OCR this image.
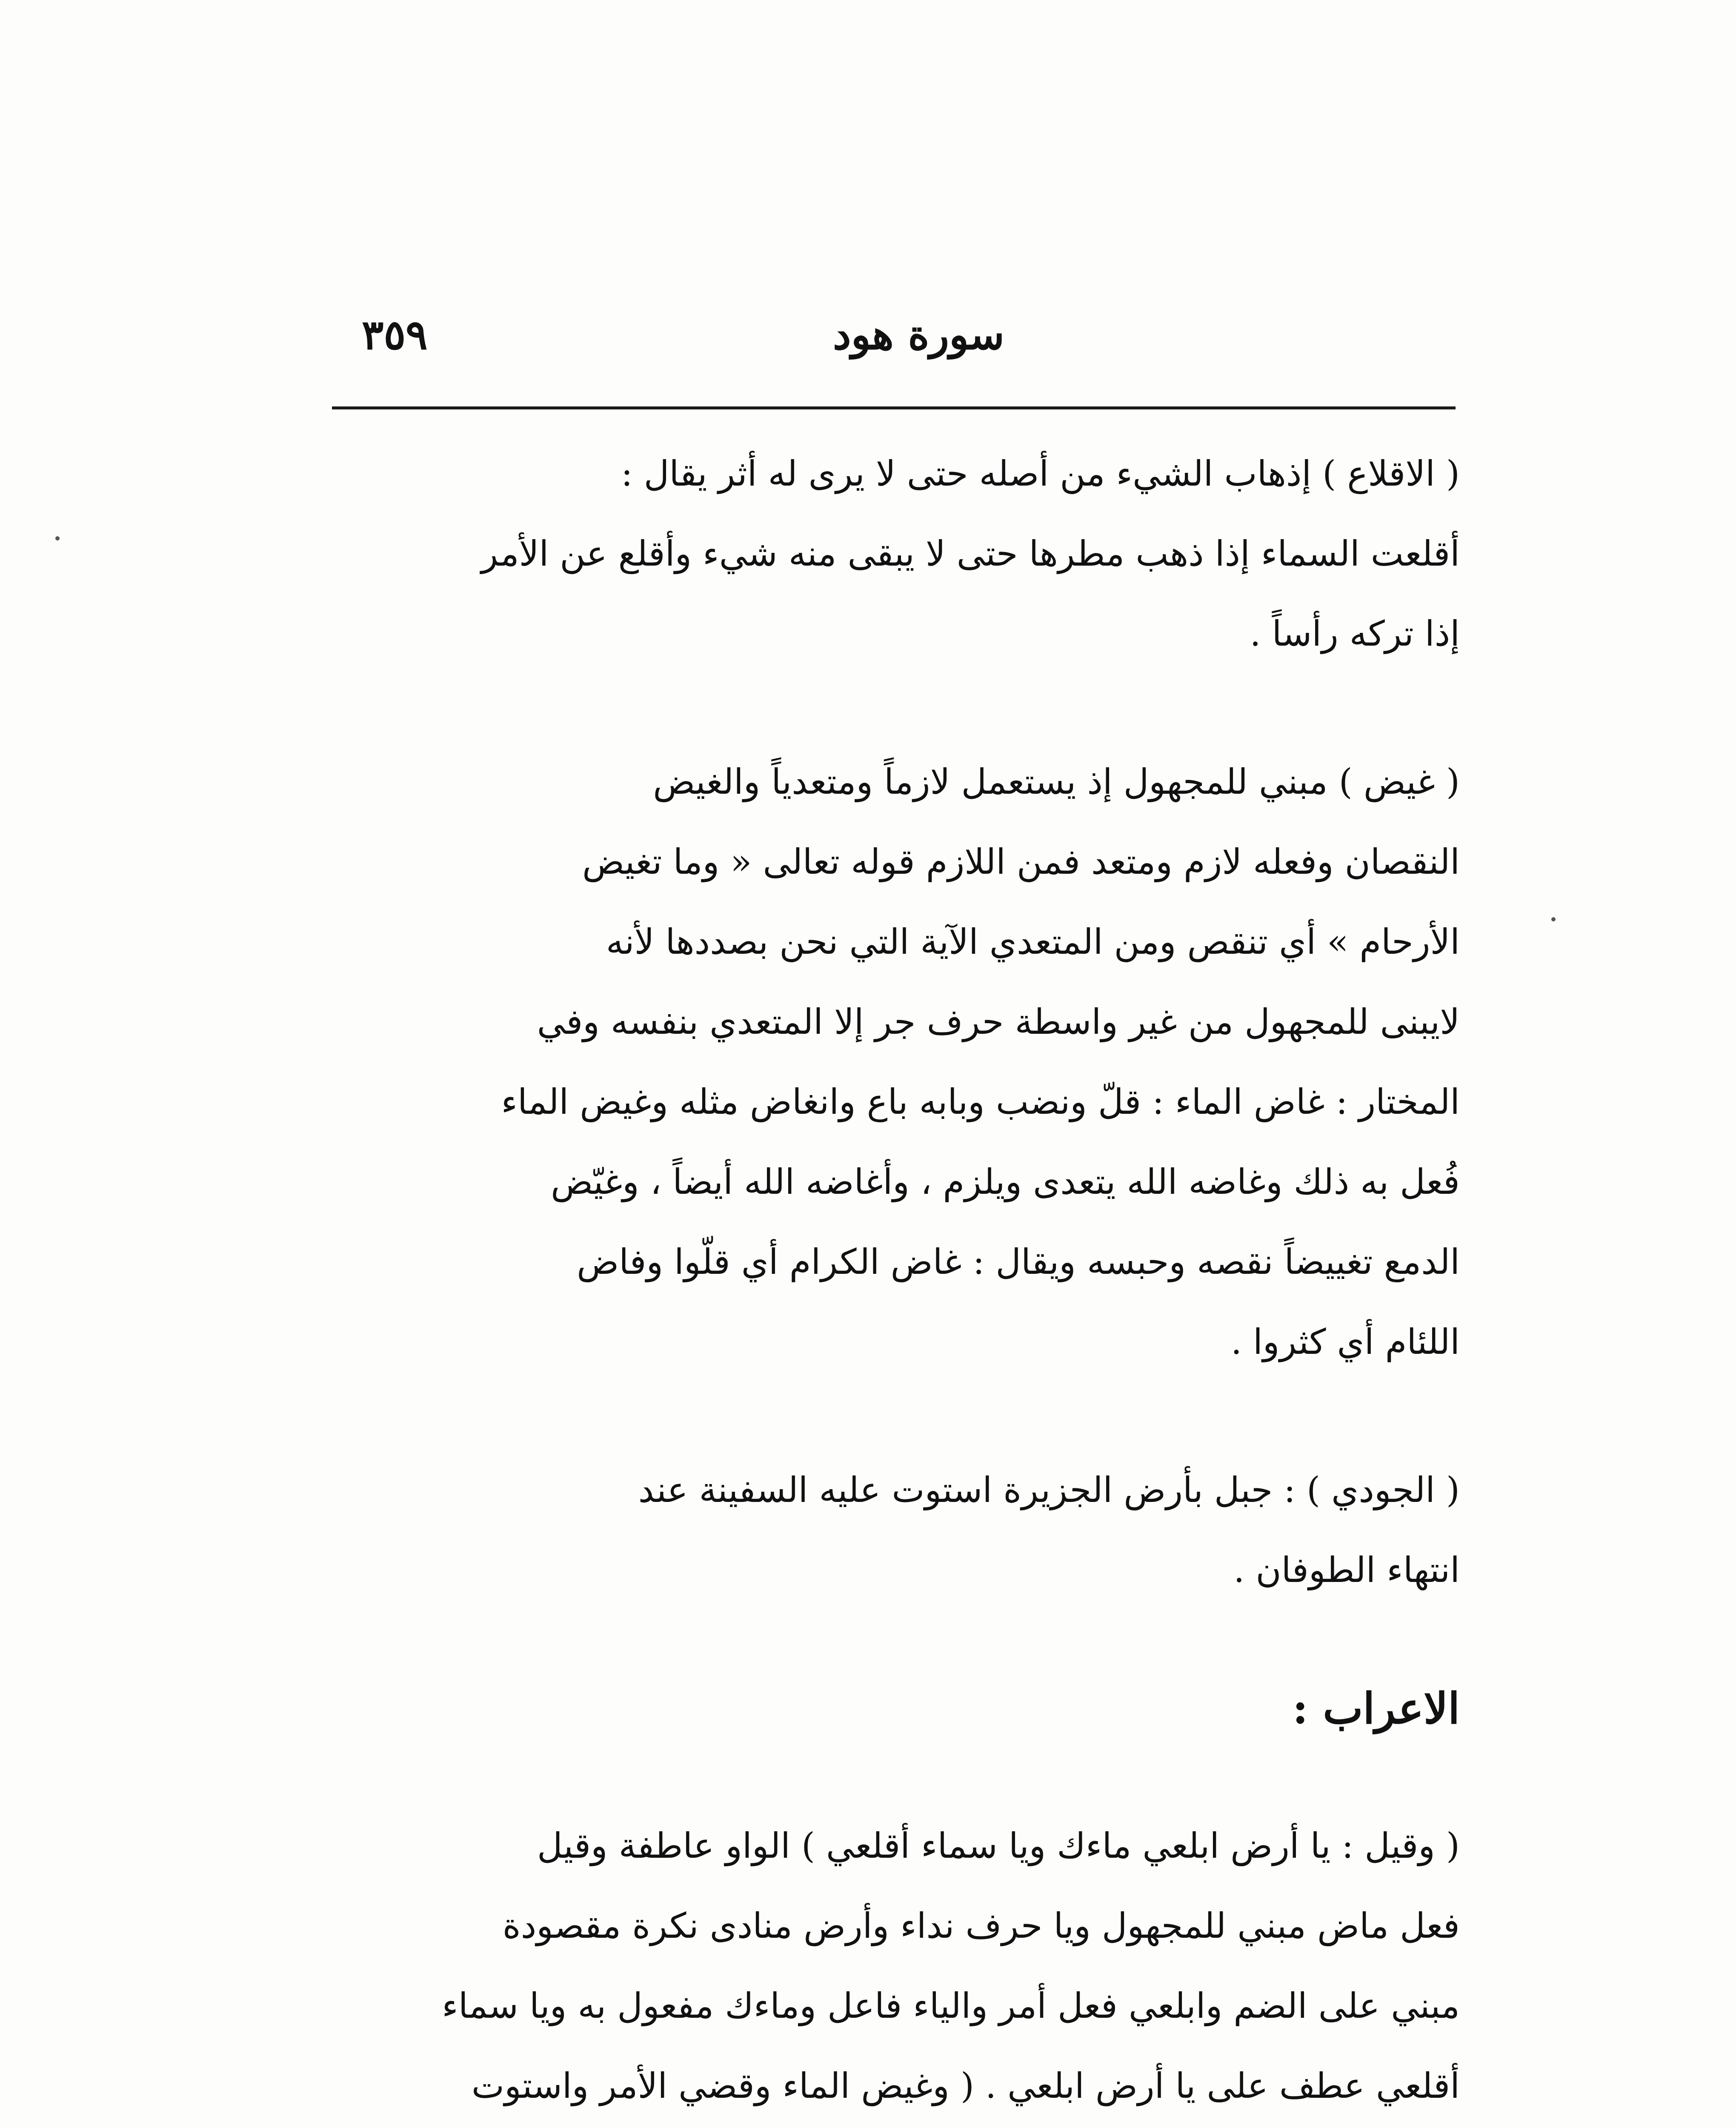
سورة هود
٣٥٩

( الاقلاع ) إذهاب الشيء من أصله حتى لا يرى له أثر يقال :
أقلعت السماء إذا ذهب مطرها حتى لا يبقى منه شيء وأقلع عن الأمر
إذا تركه رأساً .

( غيض ) مبني للمجهول إذ يستعمل لازماً ومتعدياً والغيض
النقصان وفعله لازم ومتعد فمن اللازم قوله تعالى « وما تغيض
الأرحام » أي تنقص ومن المتعدي الآية التي نحن بصددها لأنه
لايبنى للمجهول من غير واسطة حرف جر إلا المتعدي بنفسه وفي
المختار : غاض الماء : قلّ ونضب وبابه باع وانغاض مثله وغيض الماء
فُعل به ذلك وغاضه الله يتعدى ويلزم ، وأغاضه الله أيضاً ، وغيّض
الدمع تغييضاً نقصه وحبسه ويقال : غاض الكرام أي قلّوا وفاض
اللئام أي كثروا .

( الجودي ) : جبل بأرض الجزيرة استوت عليه السفينة عند
انتهاء الطوفان .

الاعراب :

( وقيل : يا أرض ابلعي ماءك ويا سماء أقلعي ) الواو عاطفة وقيل
فعل ماض مبني للمجهول ويا حرف نداء وأرض منادى نكرة مقصودة
مبني على الضم وابلعي فعل أمر والياء فاعل وماءك مفعول به ويا سماء
أقلعي عطف على يا أرض ابلعي . ( وغيض الماء وقضي الأمر واستوت
